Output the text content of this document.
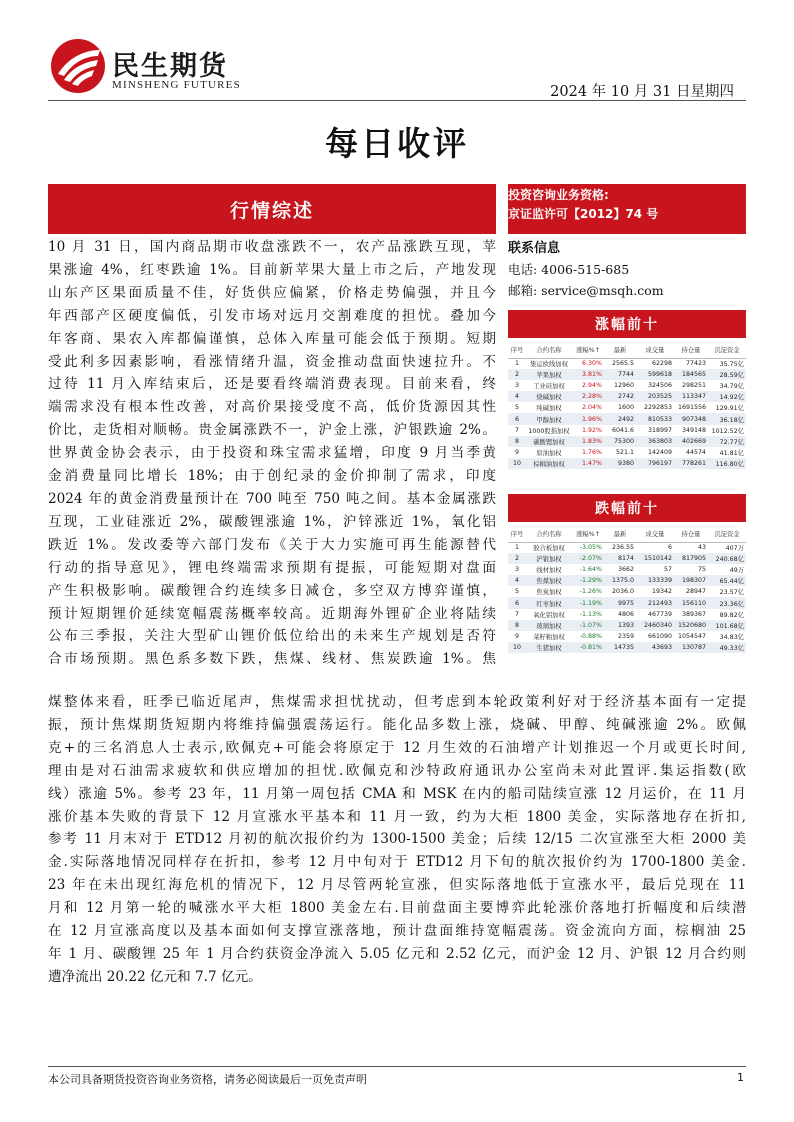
民生期货
MINSHENG FUTURES	2024 年 10 月 31 日星期四
每日收评
行情综述
投资咨询业务资格:
京证监许可【2012】74 号
联系信息
电话: 4006-515-685
邮箱: service@msqh.com
涨幅前十
序号	合约名称	涨幅%↑	最新	成交量	持仓量	沉淀资金
1	集运欧线加权	6.30%	2565.5	62298	77423	35.75亿
2	苹果加权	3.81%	7744	599618	184565	28.59亿
3	工业硅加权	2.94%	12960	324506	298251	34.79亿
4	烧碱加权	2.28%	2742	203525	113347	14.92亿
5	纯碱加权	2.04%	1600	2292853	1691556	129.91亿
6	甲醇加权	1.96%	2492	810533	907348	36.18亿
7	1000股指加权	1.92%	6041.6	318997	349148	1012.52亿
8	碳酸锂加权	1.83%	75300	363803	402669	72.77亿
9	原油加权	1.76%	521.1	142409	44574	41.81亿
10	棕榈油加权	1.47%	9380	796197	778261	116.80亿
跌幅前十
序号	合约名称	涨幅%↑	最新	成交量	持仓量	沉淀资金
1	胶合板加权	-3.05%	236.55	6	43	407万
2	沪银加权	-2.07%	8174	1510142	817905	240.68亿
3	线材加权	-1.64%	3662	57	75	49万
4	焦煤加权	-1.29%	1375.0	133339	198307	65.44亿
5	焦炭加权	-1.26%	2036.0	19342	28947	23.57亿
6	红枣加权	-1.19%	9975	212493	156110	23.36亿
7	氧化铝加权	-1.13%	4806	467739	389367	89.82亿
8	玻璃加权	-1.07%	1393	2460340	1520680	101.68亿
9	菜籽粕加权	-0.88%	2359	661090	1054547	34.83亿
10	生猪加权	-0.81%	14735	43693	130787	49.33亿
10 月 31 日，国内商品期市收盘涨跌不一，农产品涨跌互现，苹
果涨逾 4%，红枣跌逾 1%。目前新苹果大量上市之后，产地发现
山东产区果面质量不佳，好货供应偏紧，价格走势偏强，并且今
年西部产区硬度偏低，引发市场对远月交割难度的担忧。叠加今
年客商、果农入库都偏谨慎，总体入库量可能会低于预期。短期
受此利多因素影响，看涨情绪升温，资金推动盘面快速拉升。不
过待 11 月入库结束后，还是要看终端消费表现。目前来看，终
端需求没有根本性改善，对高价果接受度不高，低价货源因其性
价比，走货相对顺畅。贵金属涨跌不一，沪金上涨，沪银跌逾 2%。
世界黄金协会表示，由于投资和珠宝需求猛增，印度 9 月当季黄
金消费量同比增长 18%；由于创纪录的金价抑制了需求，印度
2024 年的黄金消费量预计在 700 吨至 750 吨之间。基本金属涨跌
互现，工业硅涨近 2%，碳酸锂涨逾 1%，沪锌涨近 1%，氧化铝
跌近 1%。发改委等六部门发布《关于大力实施可再生能源替代
行动的指导意见》，锂电终端需求预期有提振，可能短期对盘面
产生积极影响。碳酸锂合约连续多日减仓，多空双方博弈谨慎，
预计短期锂价延续宽幅震荡概率较高。近期海外锂矿企业将陆续
公布三季报，关注大型矿山锂价低位给出的未来生产规划是否符
合市场预期。黑色系多数下跌，焦煤、线材、焦炭跌逾 1%。焦
煤整体来看，旺季已临近尾声，焦煤需求担忧扰动，但考虑到本轮政策利好对于经济基本面有一定提
振，预计焦煤期货短期内将维持偏强震荡运行。能化品多数上涨，烧碱、甲醇、纯碱涨逾 2%。欧佩
克+的三名消息人士表示,欧佩克+可能会将原定于 12 月生效的石油增产计划推迟一个月或更长时间,
理由是对石油需求疲软和供应增加的担忧.欧佩克和沙特政府通讯办公室尚未对此置评.集运指数(欧
线）涨逾 5%。参考 23 年，11 月第一周包括 CMA 和 MSK 在内的船司陆续宣涨 12 月运价，在 11 月
涨价基本失败的背景下 12 月宣涨水平基本和 11 月一致，约为大柜 1800 美金，实际落地存在折扣,
参考 11 月末对于 ETD12 月初的航次报价约为 1300-1500 美金；后续 12/15 二次宣涨至大柜 2000 美
金.实际落地情况同样存在折扣，参考 12 月中旬对于 ETD12 月下旬的航次报价约为 1700-1800 美金.
23 年在未出现红海危机的情况下，12 月尽管两轮宣涨，但实际落地低于宣涨水平，最后兑现在 11
月和 12 月第一轮的喊涨水平大柜 1800 美金左右.目前盘面主要博弈此轮涨价落地打折幅度和后续潜
在 12 月宣涨高度以及基本面如何支撑宣涨落地，预计盘面维持宽幅震荡。资金流向方面，棕榈油 25
年 1 月、碳酸锂 25 年 1 月合约获资金净流入 5.05 亿元和 2.52 亿元，而沪金 12 月、沪银 12 月合约则
遭净流出 20.22 亿元和 7.7 亿元。
本公司具备期货投资咨询业务资格，请务必阅读最后一页免责声明	1
